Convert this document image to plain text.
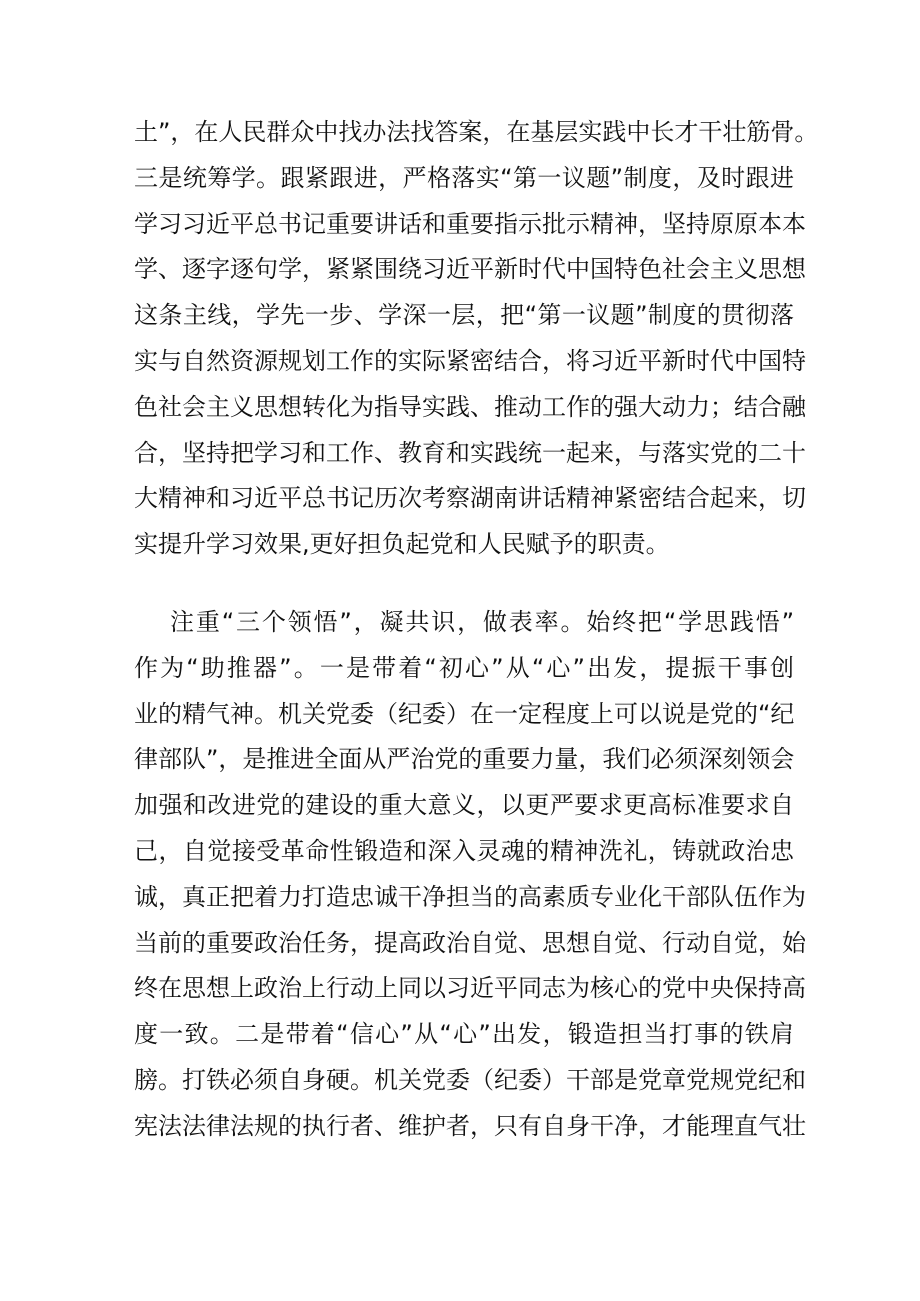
土”，在人民群众中找办法找答案，在基层实践中长才干壮筋骨。
三是统筹学。跟紧跟进，严格落实“第一议题”制度，及时跟进
学习习近平总书记重要讲话和重要指示批示精神，坚持原原本本
学、逐字逐句学，紧紧围绕习近平新时代中国特色社会主义思想
这条主线，学先一步、学深一层，把“第一议题”制度的贯彻落
实与自然资源规划工作的实际紧密结合，将习近平新时代中国特
色社会主义思想转化为指导实践、推动工作的强大动力；结合融
合，坚持把学习和工作、教育和实践统一起来，与落实党的二十
大精神和习近平总书记历次考察湖南讲话精神紧密结合起来，切
实提升学习效果,更好担负起党和人民赋予的职责。
注重“三个领悟”，凝共识，做表率。始终把“学思践悟”
作为“助推器”。一是带着“初心”从“心”出发，提振干事创
业的精气神。机关党委（纪委）在一定程度上可以说是党的“纪
律部队”，是推进全面从严治党的重要力量，我们必须深刻领会
加强和改进党的建设的重大意义，以更严要求更高标准要求自
己，自觉接受革命性锻造和深入灵魂的精神洗礼，铸就政治忠
诚，真正把着力打造忠诚干净担当的高素质专业化干部队伍作为
当前的重要政治任务，提高政治自觉、思想自觉、行动自觉，始
终在思想上政治上行动上同以习近平同志为核心的党中央保持高
度一致。二是带着“信心”从“心”出发，锻造担当打事的铁肩
膀。打铁必须自身硬。机关党委（纪委）干部是党章党规党纪和
宪法法律法规的执行者、维护者，只有自身干净，才能理直气壮
